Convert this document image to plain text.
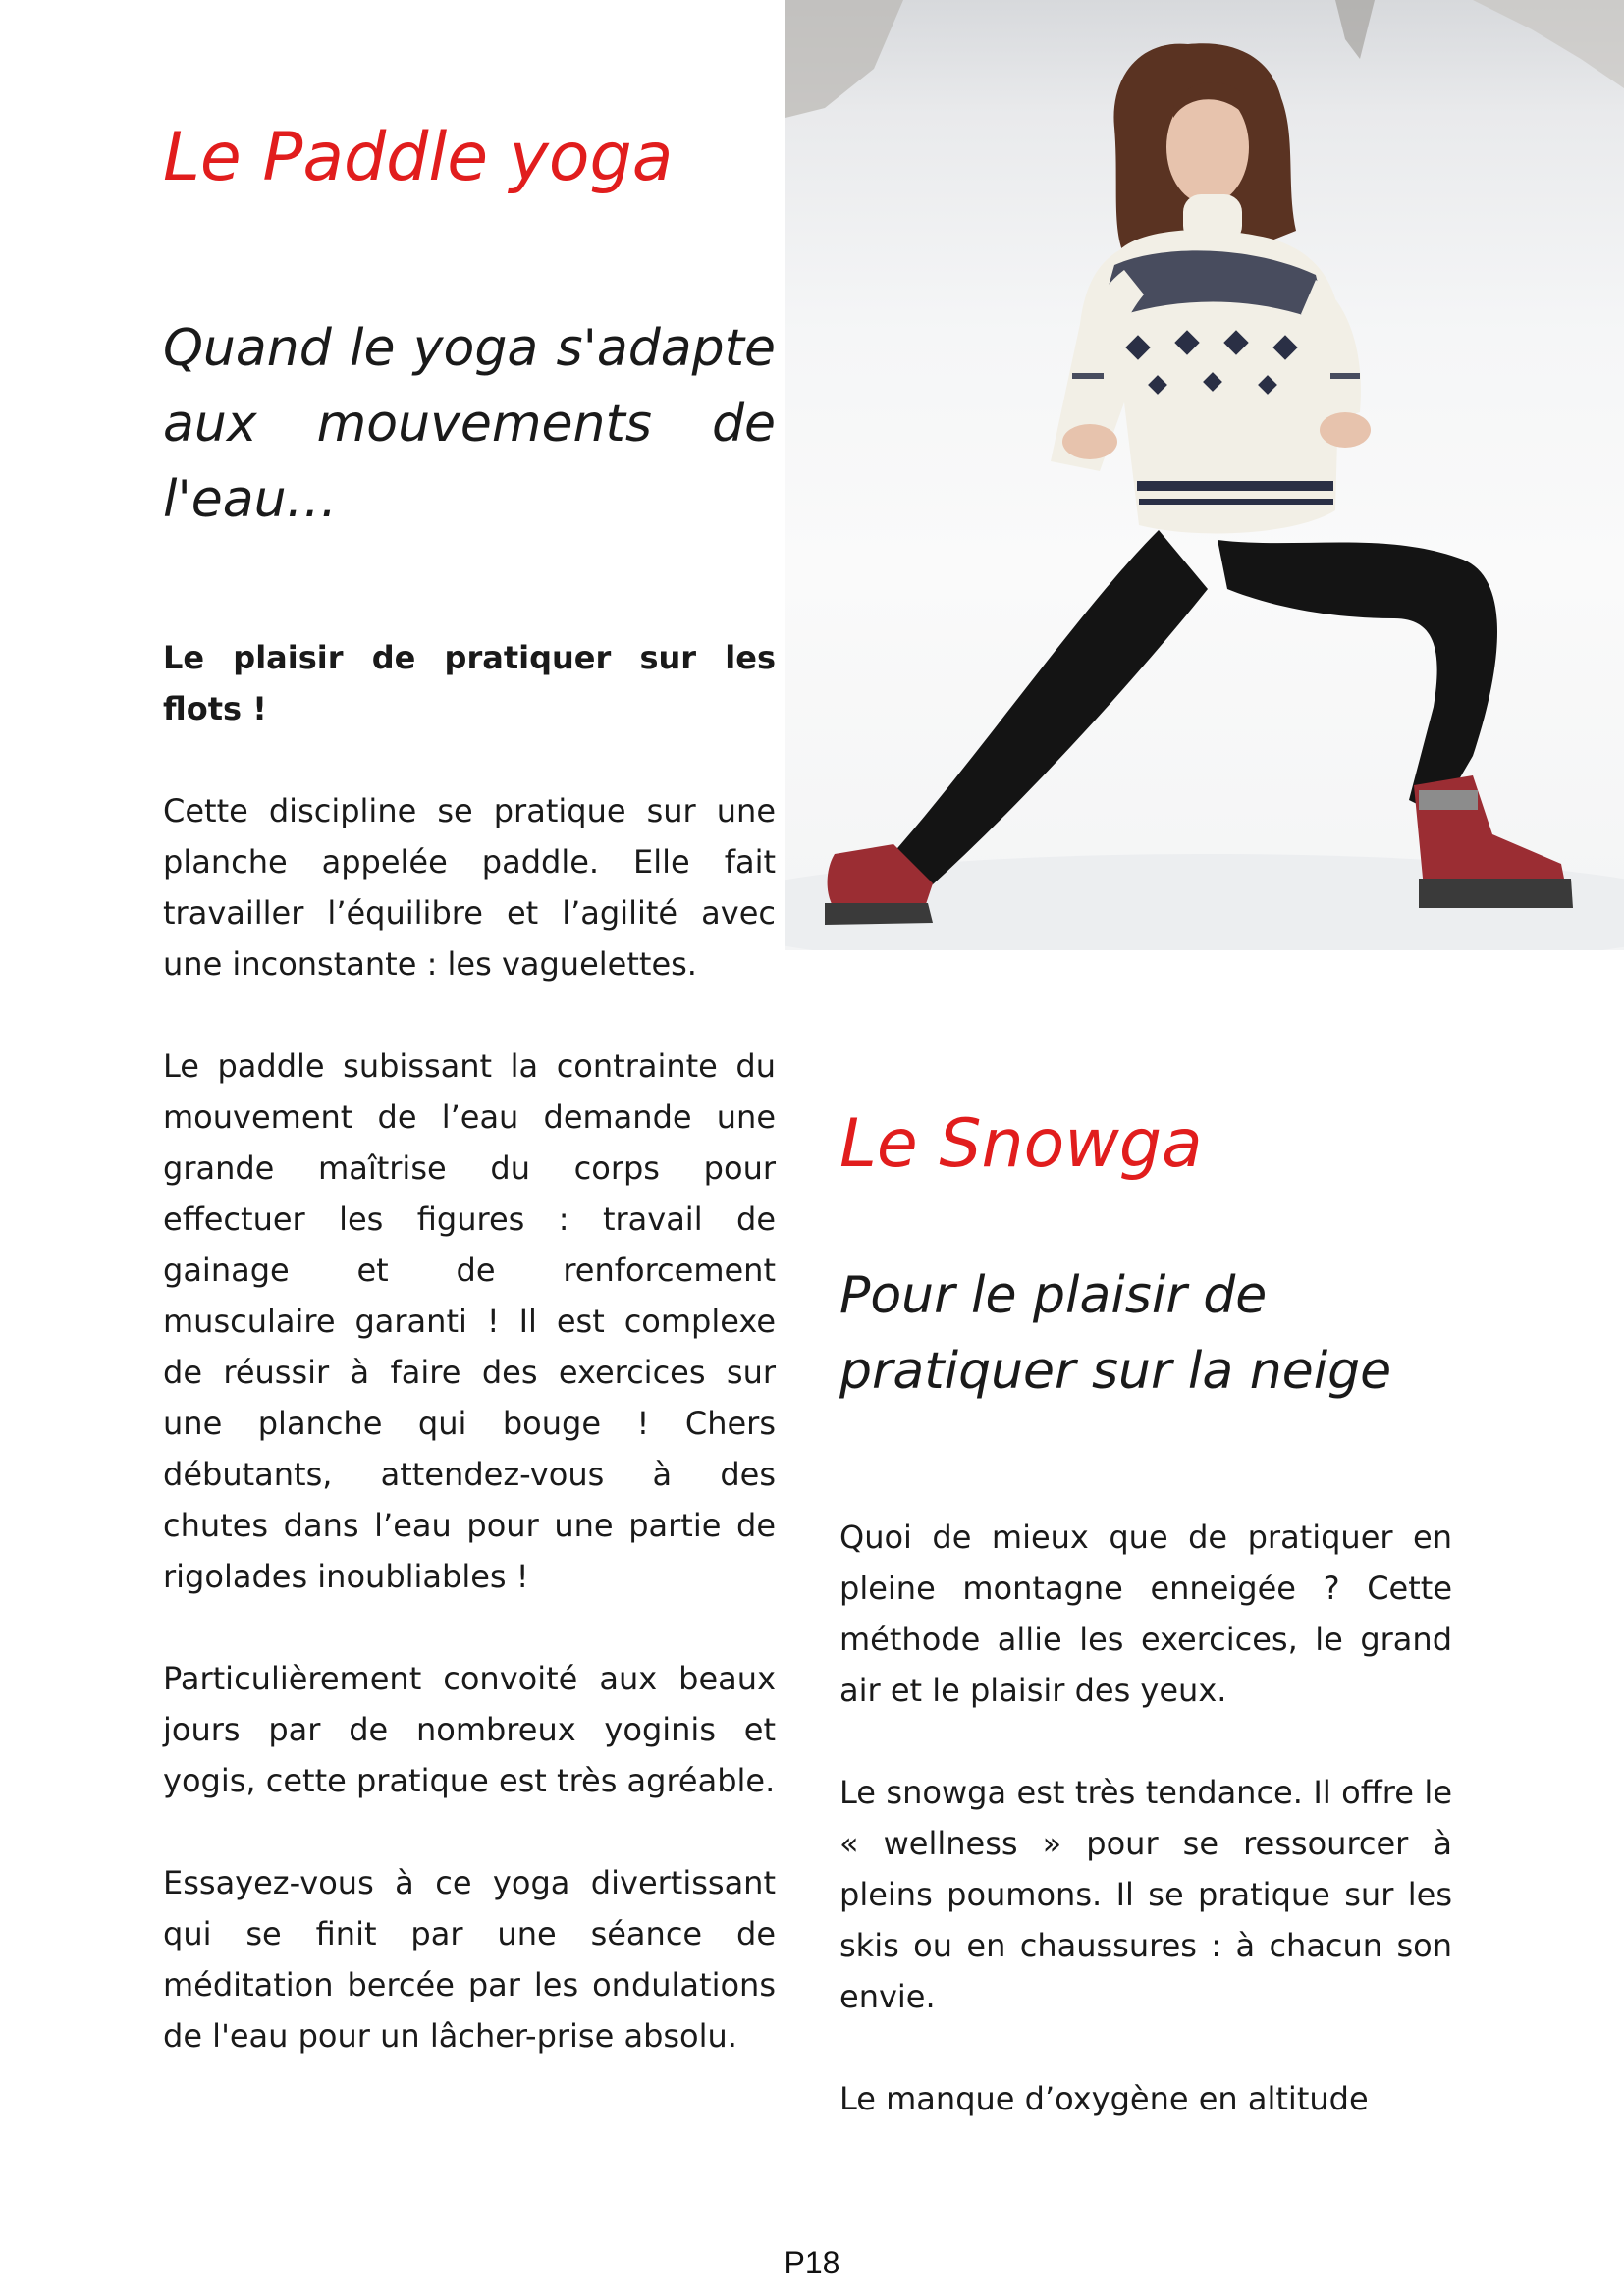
Le Paddle yoga
Quand le yoga s'adapte aux mouvements de l'eau…

Le plaisir de pratiquer sur les flots !

Cette discipline se pratique sur une planche appelée paddle. Elle fait travailler l’équilibre et l’agilité avec une inconstante : les vaguelettes.

Le paddle subissant la contrainte du mouvement de l’eau demande une grande maîtrise du corps pour effectuer les figures : travail de gainage et de renforcement musculaire garanti ! Il est complexe de réussir à faire des exercices sur une planche qui bouge ! Chers débutants, attendez-vous à des chutes dans l’eau pour une partie de rigolades inoubliables !

Particulièrement convoité aux beaux jours par de nombreux yoginis et yogis, cette pratique est très agréable.

Essayez-vous à ce yoga divertissant qui se finit par une séance de méditation bercée par les ondulations de l'eau pour un lâcher-prise absolu.

Le Snowga
Pour le plaisir de pratiquer sur la neige

Quoi de mieux que de pratiquer en pleine montagne enneigée ? Cette méthode allie les exercices, le grand air et le plaisir des yeux.

Le snowga est très tendance. Il offre le « wellness » pour se ressourcer à pleins poumons. Il se pratique sur les skis ou en chaussures : à chacun son envie.

Le manque d’oxygène en altitude

P18
